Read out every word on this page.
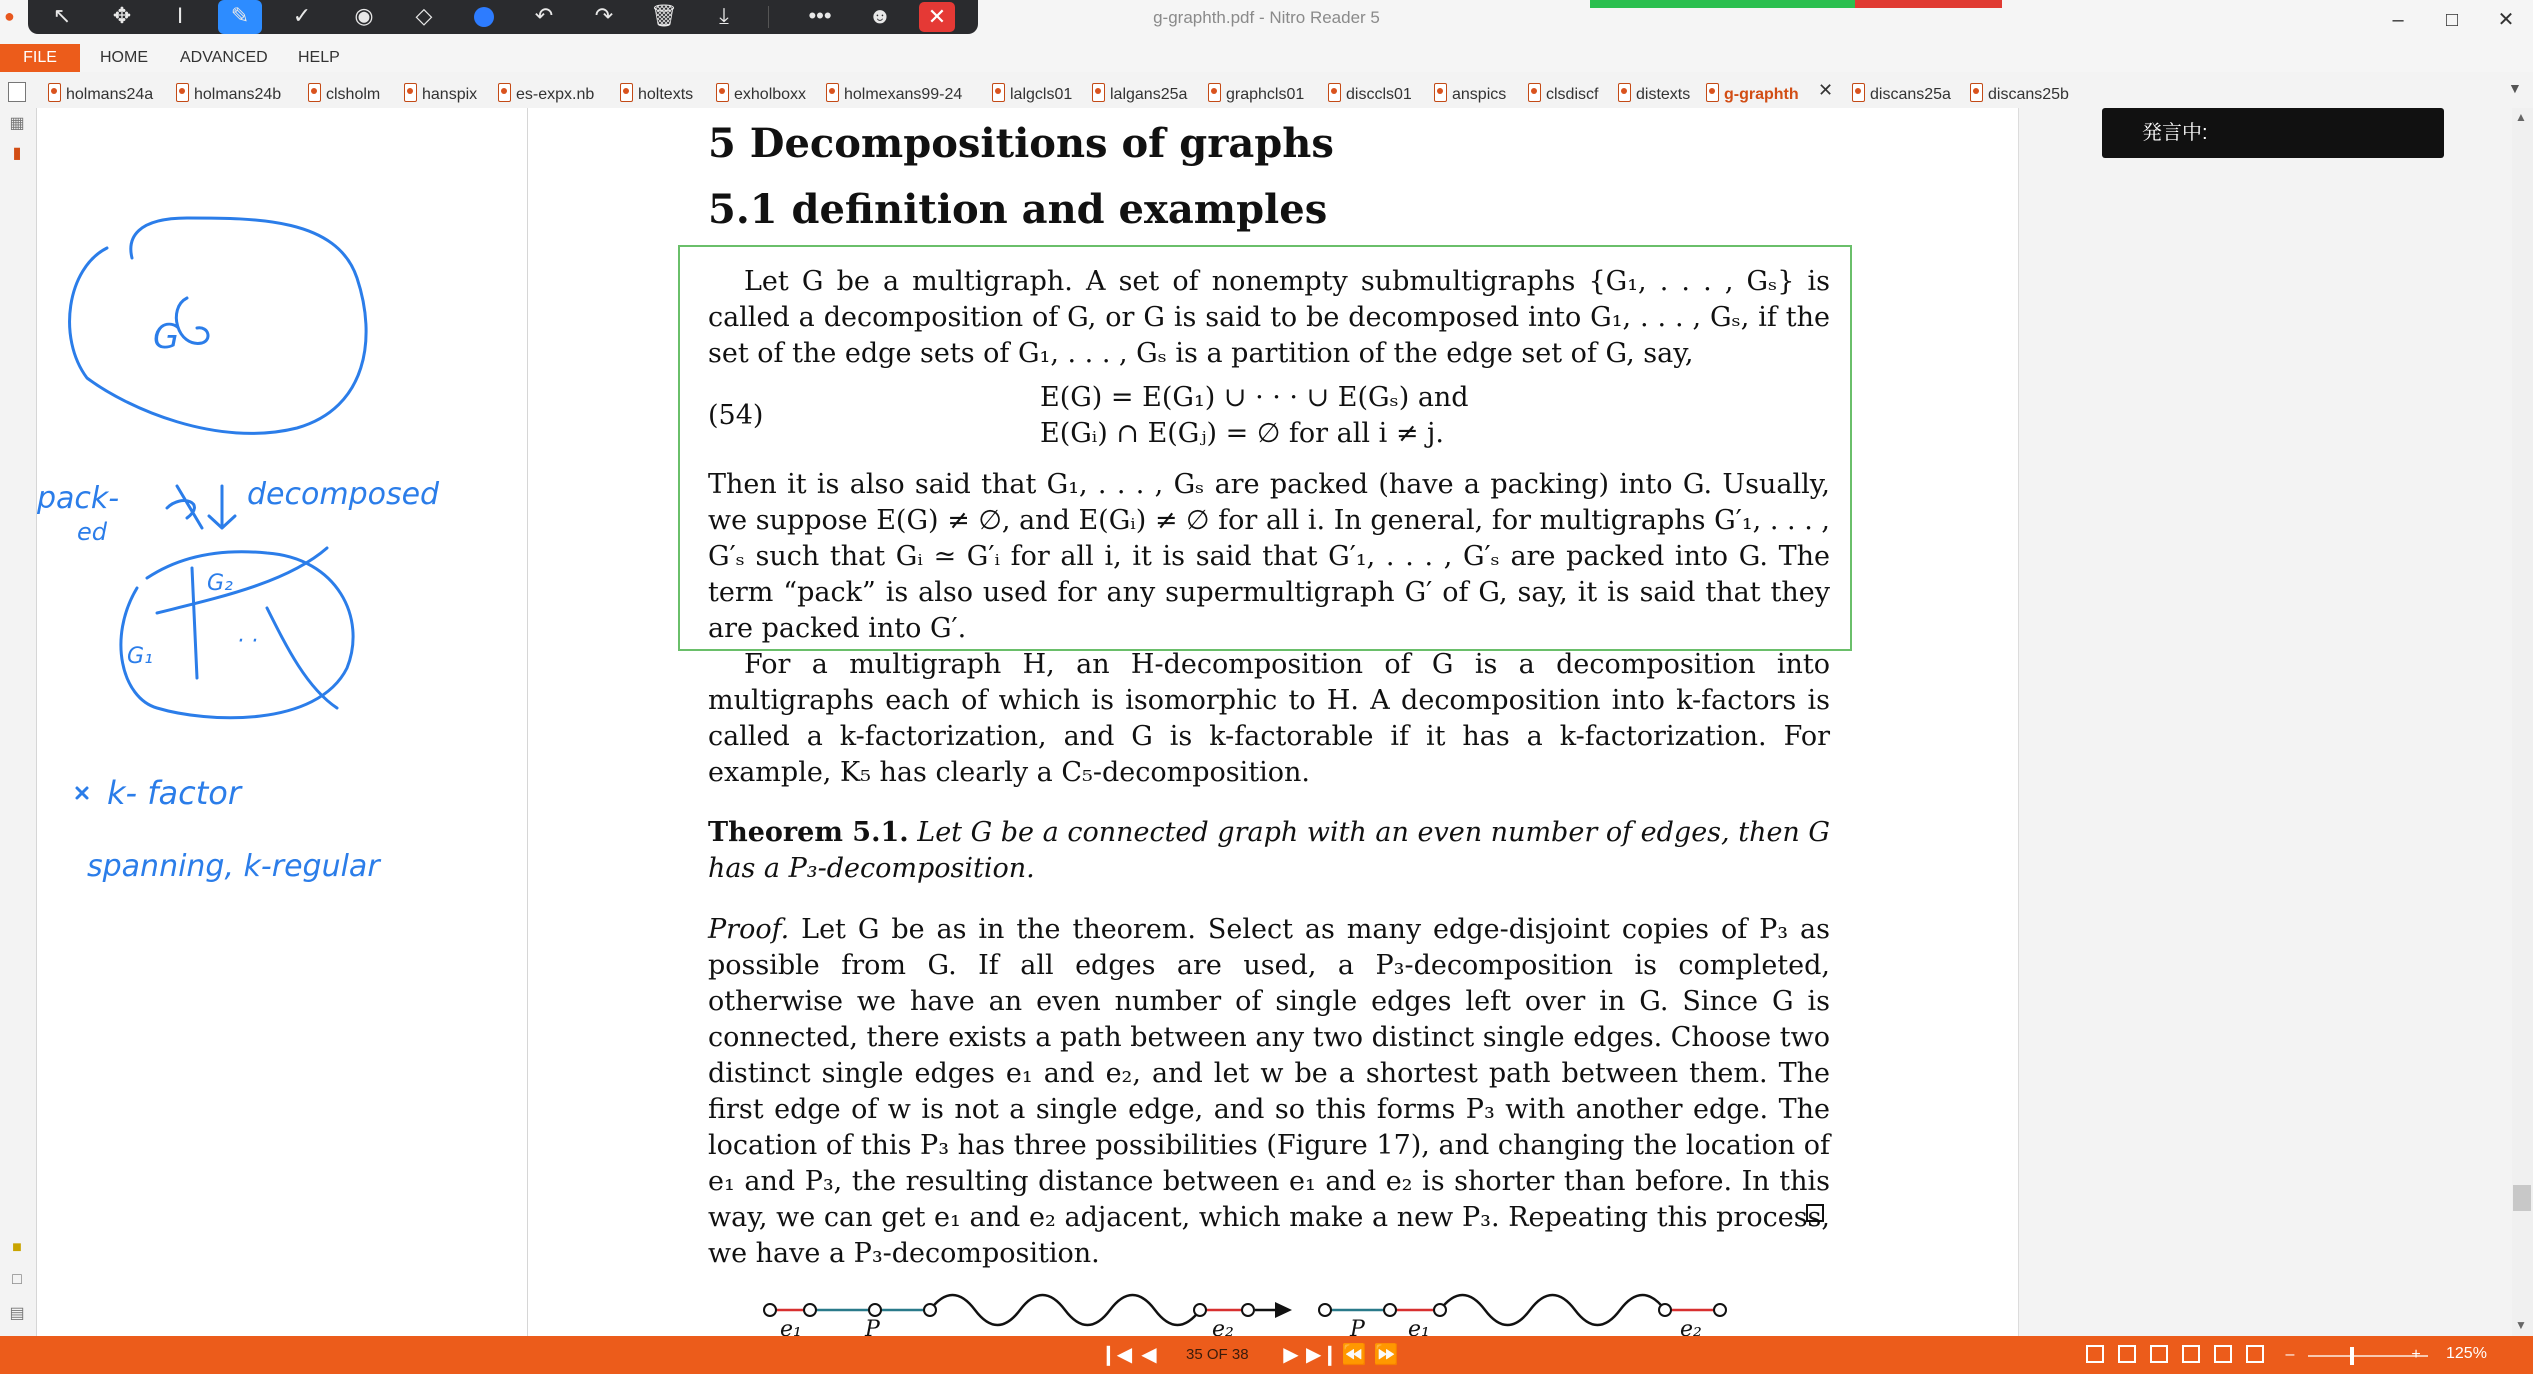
g-graphth.pdf - Nitro Reader 5	–	□	✕
●	↖	✥	I	✎	✓	◉	◇	↶	↷	🗑	⤓	•••	☻	✕
FILE	HOME ADVANCED HELP
holmans24a	holmans24b	clsholm	hanspix	es-expx.nb	holtexts	exholboxx	holmexans99-24	lalgcls01	lalgans25a	graphcls01	disccls01	anspics	clsdiscf	distexts	g-graphth ✕	discans25a	discans25b	▼
▦
▮
■
□
▤
pack-
ed
decomposed
G
G₁
G₂
· ·
k- factor
spanning, k-regular
5 Decompositions of graphs
5.1 definition and examples
Let G be a multigraph. A set of nonempty submultigraphs {G₁, . . . , Gₛ} is called a decomposition of G, or G is said to be decomposed into G₁, . . . , Gₛ, if the set of the edge sets of G₁, . . . , Gₛ is a partition of the edge set of G, say,
(54)
E(G) = E(G₁) ∪ · · · ∪ E(Gₛ) and
E(Gᵢ) ∩ E(Gⱼ) = ∅ for all i ≠ j.
Then it is also said that G₁, . . . , Gₛ are packed (have a packing) into G. Usually, we suppose E(G) ≠ ∅, and E(Gᵢ) ≠ ∅ for all i. In general, for multigraphs G′₁, . . . , G′ₛ such that Gᵢ ≃ G′ᵢ for all i, it is said that G′₁, . . . , G′ₛ are packed into G. The term “pack” is also used for any supermultigraph G′ of G, say, it is said that they are packed into G′.
For a multigraph H, an H-decomposition of G is a decomposition into multigraphs each of which is isomorphic to H. A decomposition into k-factors is called a k-factorization, and G is k-factorable if it has a k-factorization. For example, K₅ has clearly a C₅-decomposition.
Theorem 5.1. Let G be a connected graph with an even number of edges, then G has a P₃-decomposition.
Proof. Let G be as in the theorem. Select as many edge-disjoint copies of P₃ as possible from G. If all edges are used, a P₃-decomposition is completed, otherwise we have an even number of single edges left over in G. Since G is connected, there exists a path between any two distinct single edges. Choose two distinct single edges e₁ and e₂, and let w be a shortest path between them. The first edge of w is not a single edge, and so this forms P₃ with another edge. The location of this P₃ has three possibilities (Figure 17), and changing the location of e₁ and P₃, the resulting distance between e₁ and e₂ is shorter than before. In this way, we can get e₁ and e₂ adjacent, which make a new P₃. Repeating this process, we have a P₃-decomposition.
e₁	P	e₂	P e₁	e₂
発言中:
▲
▼
❙◀ ◀	35 OF 38	▶ ▶❙ ⏪ ⏩	–	+	125%
